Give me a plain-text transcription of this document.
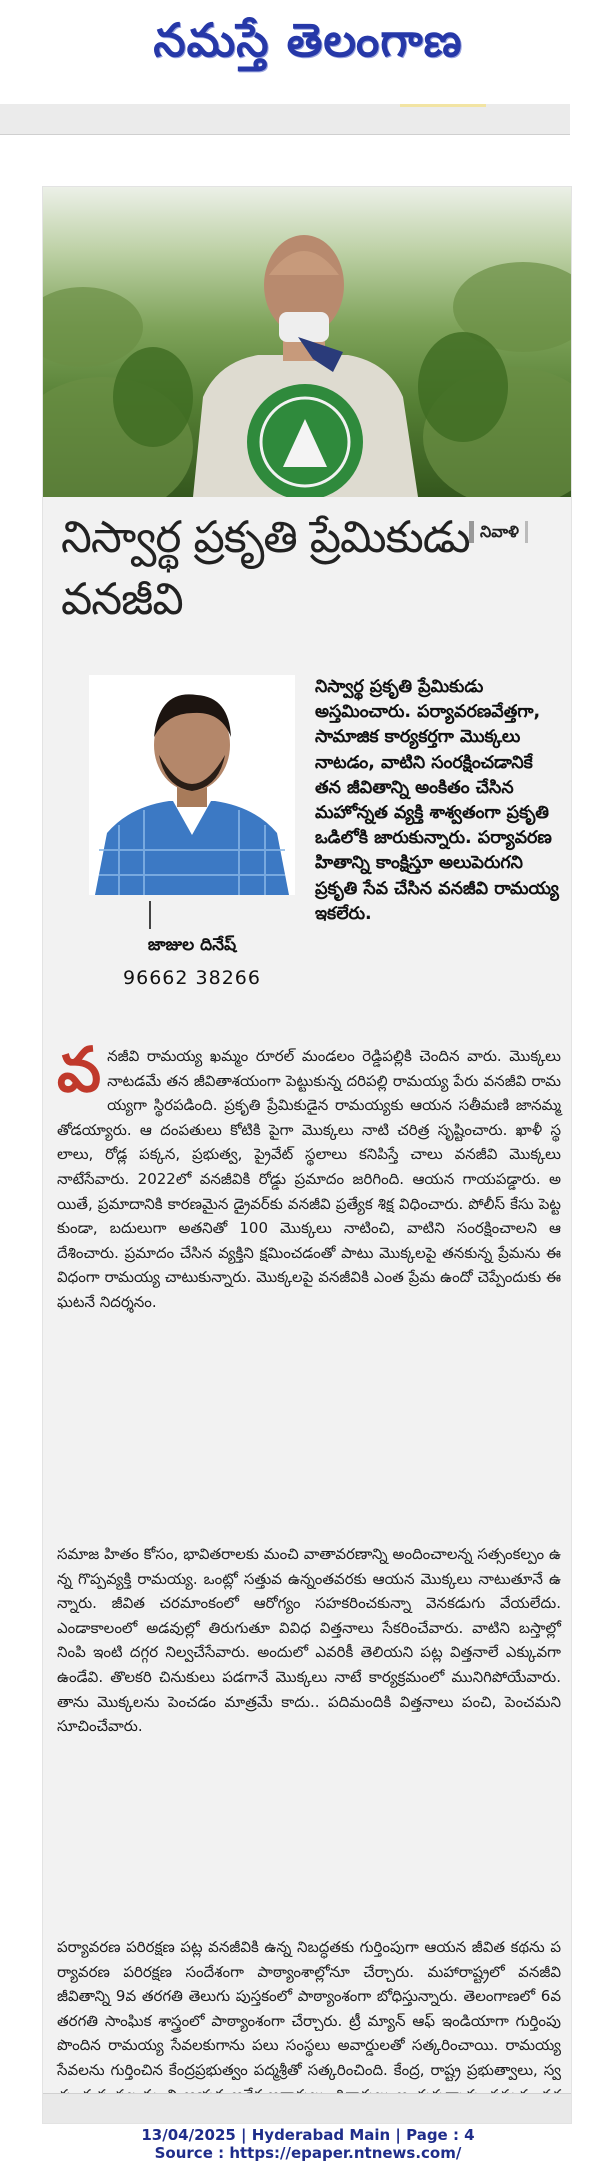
నమస్తే తెలంగాణ
నిస్వార్థ ప్రకృతి ప్రేమికుడు వనజీవి
నివాళి
జాజుల దినేష్
96662 38266
నిస్వార్థ ప్రకృతి ప్రేమికుడు అస్తమించారు. పర్యావరణవేత్తగా, సామాజిక కార్యకర్తగా మొక్కలు నాటడం, వాటిని సంరక్షించడానికే తన జీవితాన్ని అంకితం చేసిన మహోన్నత వ్యక్తి శాశ్వతంగా ప్రకృతి ఒడిలోకి జారుకున్నారు. పర్యావరణ హితాన్ని కాంక్షిస్తూ అలుపెరుగని ప్రకృతి సేవ చేసిన వనజీవి రామయ్య ఇకలేరు.
వ నజీవి రామయ్య ఖమ్మం రూరల్ మండలం రెడ్డిపల్లికి చెందిన వారు. మొక్కలు నాటడమే తన జీవితాశయంగా పెట్టుకున్న దరిపల్లి రామయ్య పేరు వనజీవి రామయ్యగా స్థిరపడింది. ప్రకృతి ప్రేమికుడైన రామయ్యకు ఆయన సతీమణి జానమ్మ తోడయ్యారు. ఆ దంపతులు కోటికి పైగా మొక్కలు నాటి చరిత్ర సృష్టించారు. ఖాళీ స్థలాలు, రోడ్ల పక్కన, ప్రభుత్వ, ప్రైవేట్ స్థలాలు కనిపిస్తే చాలు వనజీవి మొక్కలు నాటేసేవారు. 2022లో వనజీవికి రోడ్డు ప్రమాదం జరిగింది. ఆయన గాయపడ్డారు. అయితే, ప్రమాదానికి కారణమైన డ్రైవర్‌కు వనజీవి ప్రత్యేక శిక్ష విధించారు. పోలీస్ కేసు పెట్టకుండా, బదులుగా అతనితో 100 మొక్కలు నాటించి, వాటిని సంరక్షించాలని ఆదేశించారు. ప్రమాదం చేసిన వ్యక్తిని క్షమించడంతో పాటు మొక్కలపై తనకున్న ప్రేమను ఈ విధంగా రామయ్య చాటుకున్నారు. మొక్కలపై వనజీవికి ఎంత ప్రేమ ఉందో చెప్పేందుకు ఈ ఘటనే నిదర్శనం.
సమాజ హితం కోసం, భావితరాలకు మంచి వాతావరణాన్ని అందించాలన్న సత్సంకల్పం ఉన్న గొప్పవ్యక్తి రామయ్య. ఒంట్లో సత్తువ ఉన్నంతవరకు ఆయన మొక్కలు నాటుతూనే ఉన్నారు. జీవిత చరమాంకంలో ఆరోగ్యం సహకరించకున్నా వెనకడుగు వేయలేదు. ఎండాకాలంలో అడవుల్లో తిరుగుతూ వివిధ విత్తనాలు సేకరించేవారు. వాటిని బస్తాల్లో నింపి ఇంటి దగ్గర నిల్వచేసేవారు. అందులో ఎవరికీ తెలియని పట్ల విత్తనాలే ఎక్కువగా ఉండేవి. తొలకరి చినుకులు పడగానే మొక్కలు నాటే కార్యక్రమంలో మునిగిపోయేవారు. తాను మొక్కలను పెంచడం మాత్రమే కాదు.. పదిమందికి విత్తనాలు పంచి, పెంచమని సూచించేవారు.
పర్యావరణ పరిరక్షణ పట్ల వనజీవికి ఉన్న నిబద్ధతకు గుర్తింపుగా ఆయన జీవిత కథను పర్యావరణ పరిరక్షణ సందేశంగా పాఠ్యాంశాల్లోనూ చేర్చారు. మహారాష్ట్రలో వనజీవి జీవితాన్ని 9వ తరగతి తెలుగు పుస్తకంలో పాఠ్యాంశంగా బోధిస్తున్నారు. తెలంగాణలో 6వ తరగతి సాంఘిక శాస్త్రంలో పాఠ్యాంశంగా చేర్చారు. ట్రీ మ్యాన్ ఆఫ్ ఇండియాగా గుర్తింపు పొందిన రామయ్య సేవలకుగాను పలు సంస్థలు అవార్డులతో సత్కరించాయి. రామయ్య సేవలను గుర్తించిన కేంద్రప్రభుత్వం పద్మశ్రీతో సత్కరించింది. కేంద్ర, రాష్ట్ర ప్రభుత్వాలు, స్వ
13/04/2025 | Hyderabad Main | Page : 4
Source : https://epaper.ntnews.com/
